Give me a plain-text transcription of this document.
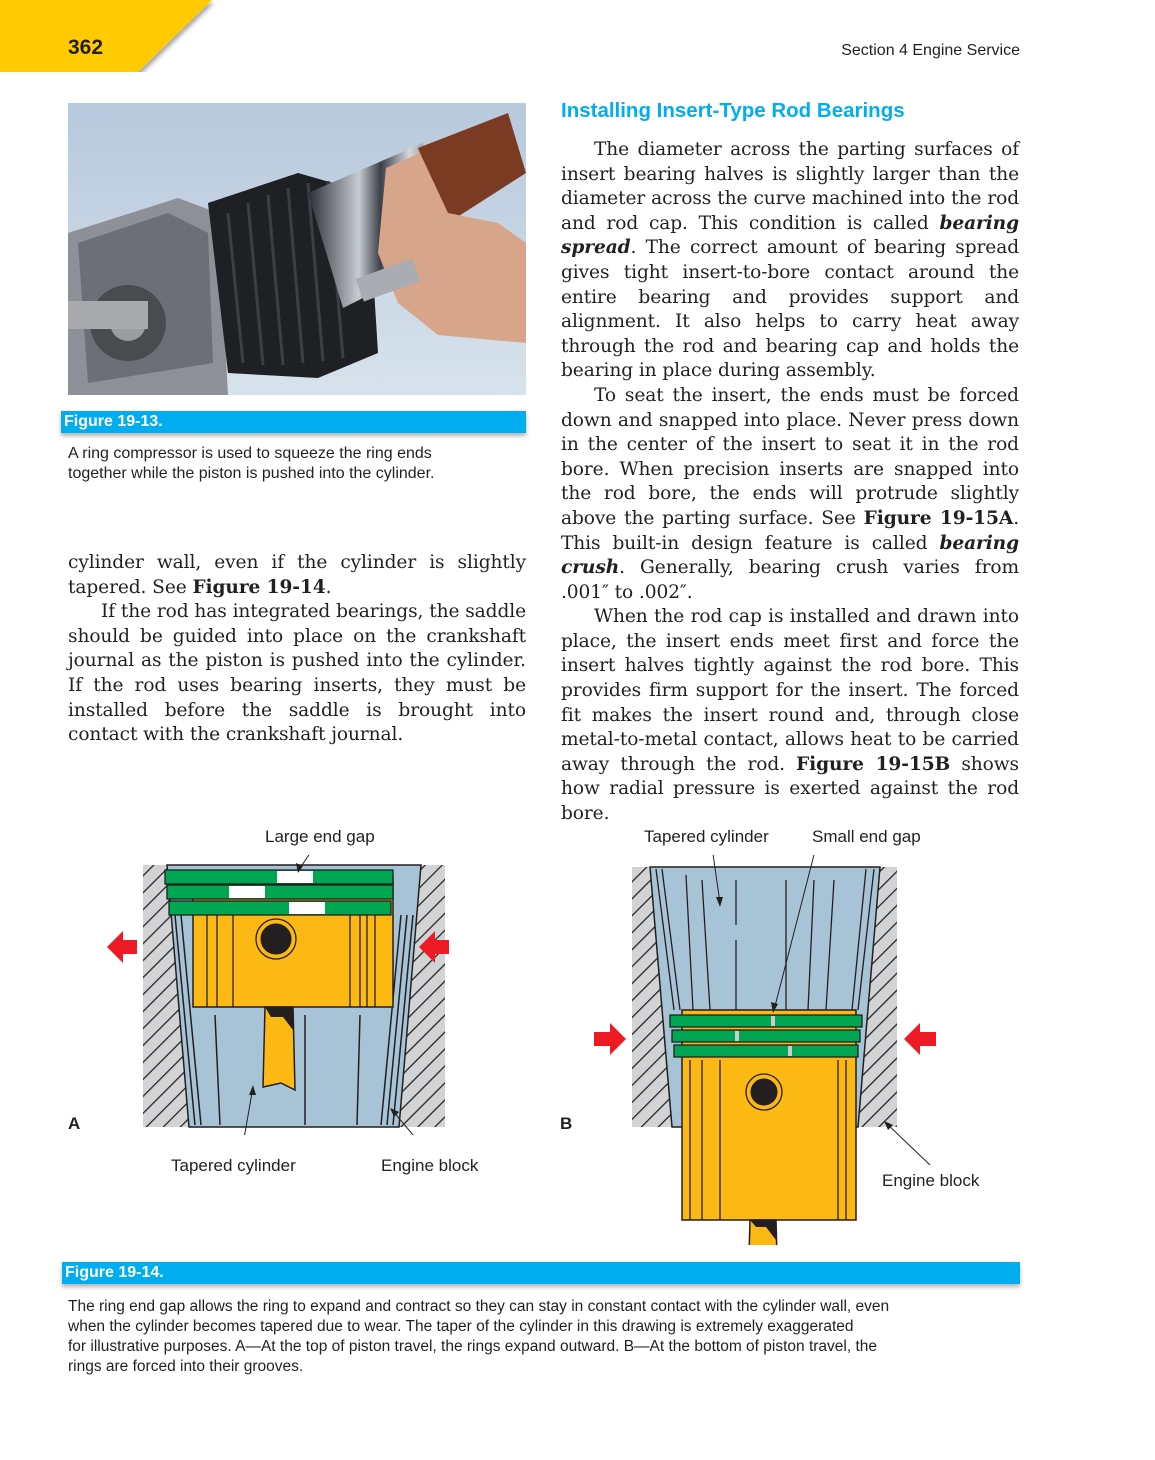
362	Section 4 Engine Service
Figure 19-13.
A ring compressor is used to squeeze the ring ends
together while the piston is pushed into the cylinder.

cylinder wall, even if the cylinder is slightly tapered. See Figure 19-14.

If the rod has integrated bearings, the saddle should be guided into place on the crankshaft journal as the piston is pushed into the cylinder. If the rod uses bearing inserts, they must be installed before the saddle is brought into contact with the crankshaft journal.

Installing Insert-Type Rod Bearings

The diameter across the parting surfaces of insert bearing halves is slightly larger than the diameter across the curve machined into the rod and rod cap. This condition is called bearing spread. The correct amount of bearing spread gives tight insert-to-bore contact around the entire bearing and provides support and alignment. It also helps to carry heat away through the rod and bearing cap and holds the bearing in place during assembly.

To seat the insert, the ends must be forced down and snapped into place. Never press down in the center of the insert to seat it in the rod bore. When precision inserts are snapped into the rod bore, the ends will protrude slightly above the parting surface. See Figure 19-15A. This built-in design feature is called bearing crush. Generally, bearing crush varies from .001″ to .002″.

When the rod cap is installed and drawn into place, the insert ends meet first and force the insert halves tightly against the rod bore. This provides firm support for the insert. The forced fit makes the insert round and, through close metal-to-metal contact, allows heat to be carried away through the rod. Figure 19-15B shows how radial pressure is exerted against the rod bore.

Large end gap
Tapered cylinder	Engine block
A
Tapered cylinder	Small end gap
Engine block
B
Figure 19-14.
The ring end gap allows the ring to expand and contract so they can stay in constant contact with the cylinder wall, even
when the cylinder becomes tapered due to wear. The taper of the cylinder in this drawing is extremely exaggerated
for illustrative purposes. A—At the top of piston travel, the rings expand outward. B—At the bottom of piston travel, the
rings are forced into their grooves.
